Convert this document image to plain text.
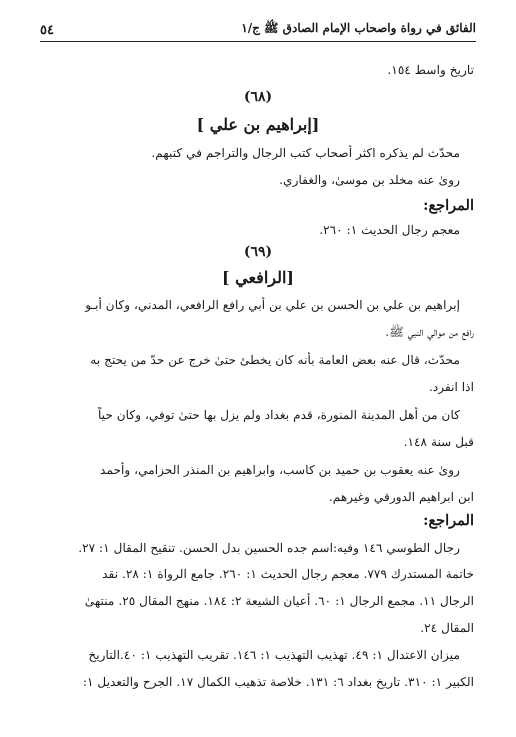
الفائق في رواة واصحاب الإمام الصادق ﷺ ج/١
٥٤
تاريخ واسط ١٥٤.
(٦٨)
[إبراهيم بن علي ]
محدّث لم يذكره اكثر أصحاب كتب الرجال والتراجم في كتبهم.
روىٰ عنه مخلد بن موسىٰ، والغفاري.
المراجع:
معجم رجال الحديث ١: ٢٦٠.
(٦٩)
[الرافعي ]
إبراهيم بن علي بن الحسن بن علي بن أبي رافع الرافعي، المدني، وكان أبـو
رافع من موالي النبي ﷺ.
محدّث، قال عنه بعض العامة بأنه كان يخطئ حتىٰ خرج عن حدّ من يحتج به
اذا انفرد.
كان من أهل المدينة المنورة، قدم بغداد ولم يزل بها حتىٰ توفي، وكان حياً
قبل سنة ١٤٨.
روىٰ عنه يعقوب بن حميد بن كاسب، وابراهيم بن المنذر الحزامي، وأحمد
ابن ابراهيم الدورقي وغيرهم.
المراجع:
رجال الطوسي ١٤٦ وفيه:اسم جده الحسين بدل الحسن. تنقيح المقال ١: ٢٧.
خاتمة المستدرك ٧٧٩. معجم رجال الحديث ١: ٢٦٠. جامع الرواة ١: ٢٨. نقد
الرجال ١١. مجمع الرجال ١: ٦٠. أعيان الشيعة ٢: ١٨٤. منهج المقال ٢٥. منتهىٰ
المقال ٢٤.
ميزان الاعتدال ١: ٤٩. تهذيب التهذيب ١: ١٤٦. تقريب التهذيب ١: ٤٠.التاريخ
الكبير ١: ٣١٠. تاريخ بغداد ٦: ١٣١. خلاصة تذهيب الكمال ١٧. الجرح والتعديل ١:
